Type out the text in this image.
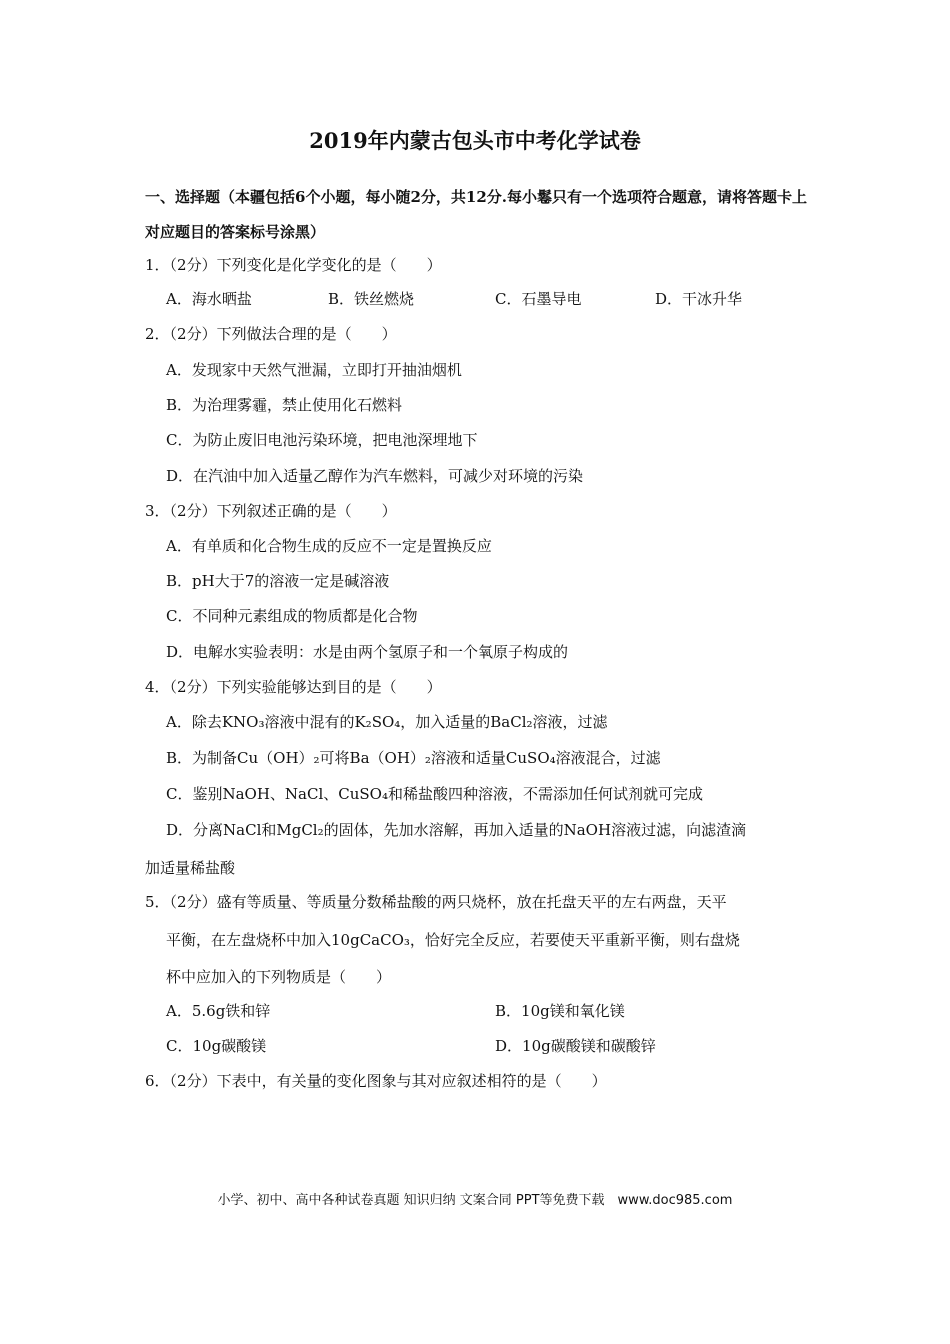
2019年内蒙古包头市中考化学试卷
一、选择题（本疆包括6个小题，每小随2分，共12分.每小鬈只有一个选项符合题意，请将答题卡上对应题目的答案标号涂黑）
1．（2分）下列变化是化学变化的是（　　）
A．海水晒盐	B．铁丝燃烧	C．石墨导电	D．干冰升华
2．（2分）下列做法合理的是（　　）
A．发现家中天然气泄漏，立即打开抽油烟机
B．为治理雾霾，禁止使用化石燃料
C．为防止废旧电池污染环境，把电池深埋地下
D．在汽油中加入适量乙醇作为汽车燃料，可减少对环境的污染
3．（2分）下列叙述正确的是（　　）
A．有单质和化合物生成的反应不一定是置换反应
B．pH大于7的溶液一定是碱溶液
C．不同种元素组成的物质都是化合物
D．电解水实验表明：水是由两个氢原子和一个氧原子构成的
4．（2分）下列实验能够达到目的是（　　）
A．除去KNO₃溶液中混有的K₂SO₄，加入适量的BaCl₂溶液，过滤
B．为制备Cu（OH）₂可将Ba（OH）₂溶液和适量CuSO₄溶液混合，过滤
C．鉴别NaOH、NaCl、CuSO₄和稀盐酸四种溶液，不需添加任何试剂就可完成
D．分离NaCl和MgCl₂的固体，先加水溶解，再加入适量的NaOH溶液过滤，向滤渣滴
加适量稀盐酸
5．（2分）盛有等质量、等质量分数稀盐酸的两只烧杯，放在托盘天平的左右两盘，天平
平衡，在左盘烧杯中加入10gCaCO₃，恰好完全反应，若要使天平重新平衡，则右盘烧
杯中应加入的下列物质是（　　）
A．5.6g铁和锌	B．10g镁和氧化镁
C．10g碳酸镁	D．10g碳酸镁和碳酸锌
6．（2分）下表中，有关量的变化图象与其对应叙述相符的是（　　）
小学、初中、高中各种试卷真题 知识归纳 文案合同 PPT等免费下载　www.doc985.com
